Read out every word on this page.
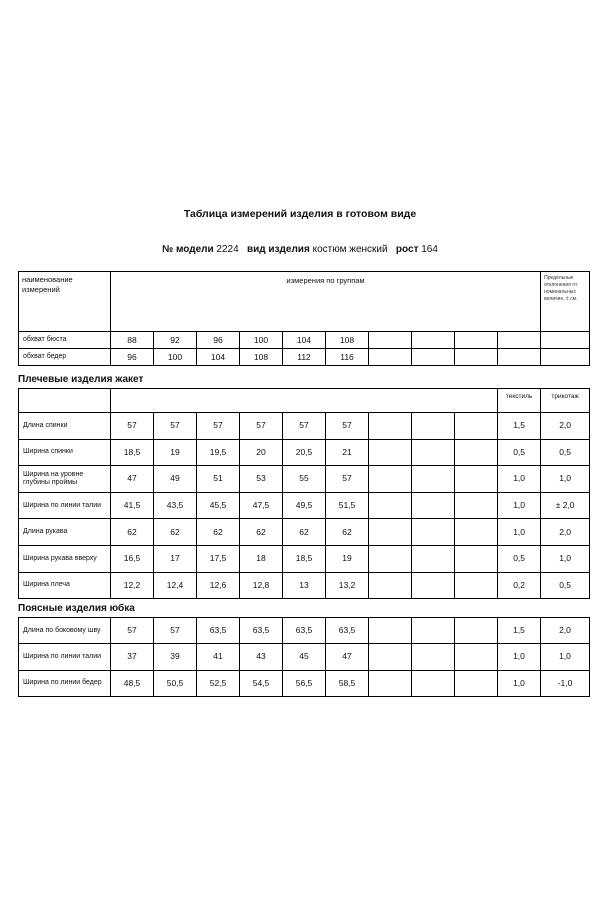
Таблица измерений изделия в готовом виде
№ модели 2224 вид изделия костюм женский рост 164
наименование измерений	измерения по группам										Предельные отклонения от номинальных величин, ± см.
обхват бюста	88	92	96	100	104	108					
обхват бедер	96	100	104	108	112	116					
Плечевые изделия жакет
										текстиль	трикотаж
Длина спинки	57	57	57	57	57	57				1,5	2,0
Ширина спинки	18,5	19	19,5	20	20,5	21				0,5	0,5
Ширина на уровне глубины проймы	47	49	51	53	55	57				1,0	1,0
Ширина по линии талии	41,5	43,5	45,5	47,5	49,5	51,5				1,0	± 2,0
Длина рукава	62	62	62	62	62	62				1,0	2,0
Ширина рукава вверху	16,5	17	17,5	18	18,5	19				0,5	1,0
Ширина плеча	12,2	12,4	12,6	12,8	13	13,2				0,2	0,5
Поясные изделия юбка
Длина по боковому шву	57	57	63,5	63,5	63,5	63,5				1,5	2,0
Ширина по линии талии	37	39	41	43	45	47				1,0	1,0
Ширина по линии бедер	48,5	50,5	52,5	54,5	56,5	58,5				1,0	-1,0
